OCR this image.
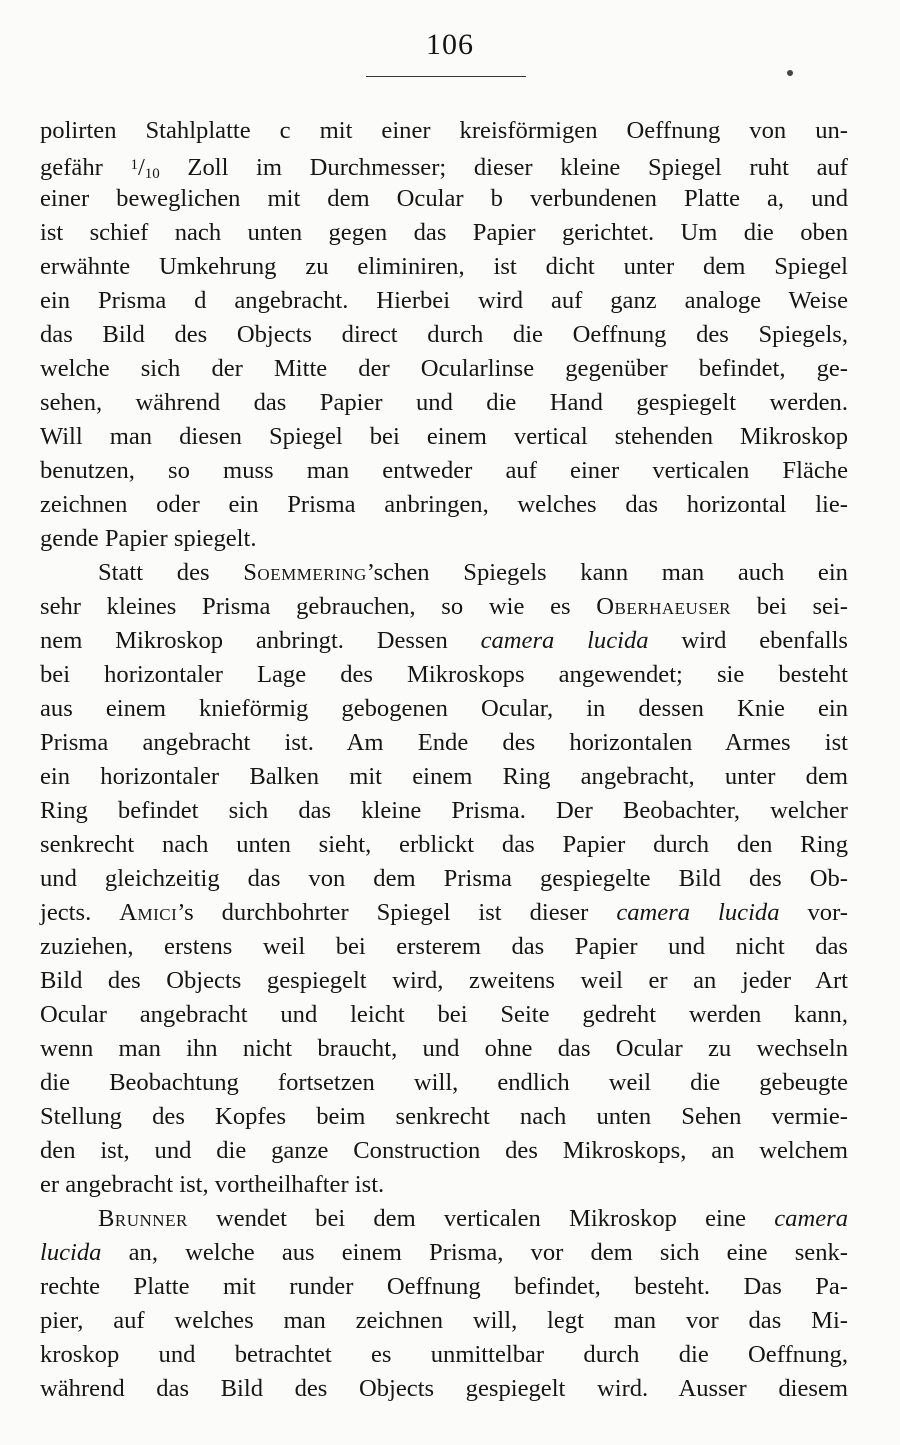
106
polirten Stahlplatte c mit einer kreisförmigen Oeffnung von un-
gefähr $^1/_{10}$ Zoll im Durchmesser; dieser kleine Spiegel ruht auf
einer beweglichen mit dem Ocular b verbundenen Platte a, und
ist schief nach unten gegen das Papier gerichtet. Um die oben
erwähnte Umkehrung zu eliminiren, ist dicht unter dem Spiegel
ein Prisma d angebracht. Hierbei wird auf ganz analoge Weise
das Bild des Objects direct durch die Oeffnung des Spiegels,
welche sich der Mitte der Ocularlinse gegenüber befindet, ge-
sehen, während das Papier und die Hand gespiegelt werden.
Will man diesen Spiegel bei einem vertical stehenden Mikroskop
benutzen, so muss man entweder auf einer verticalen Fläche
zeichnen oder ein Prisma anbringen, welches das horizontal lie-
gende Papier spiegelt.
Statt des Soemmering’schen Spiegels kann man auch ein
sehr kleines Prisma gebrauchen, so wie es Oberhaeuser bei sei-
nem Mikroskop anbringt. Dessen camera lucida wird ebenfalls
bei horizontaler Lage des Mikroskops angewendet; sie besteht
aus einem knieförmig gebogenen Ocular, in dessen Knie ein
Prisma angebracht ist. Am Ende des horizontalen Armes ist
ein horizontaler Balken mit einem Ring angebracht, unter dem
Ring befindet sich das kleine Prisma. Der Beobachter, welcher
senkrecht nach unten sieht, erblickt das Papier durch den Ring
und gleichzeitig das von dem Prisma gespiegelte Bild des Ob-
jects. Amici’s durchbohrter Spiegel ist dieser camera lucida vor-
zuziehen, erstens weil bei ersterem das Papier und nicht das
Bild des Objects gespiegelt wird, zweitens weil er an jeder Art
Ocular angebracht und leicht bei Seite gedreht werden kann,
wenn man ihn nicht braucht, und ohne das Ocular zu wechseln
die Beobachtung fortsetzen will, endlich weil die gebeugte
Stellung des Kopfes beim senkrecht nach unten Sehen vermie-
den ist, und die ganze Construction des Mikroskops, an welchem
er angebracht ist, vortheilhafter ist.
Brunner wendet bei dem verticalen Mikroskop eine camera
lucida an, welche aus einem Prisma, vor dem sich eine senk-
rechte Platte mit runder Oeffnung befindet, besteht. Das Pa-
pier, auf welches man zeichnen will, legt man vor das Mi-
kroskop und betrachtet es unmittelbar durch die Oeffnung,
während das Bild des Objects gespiegelt wird. Ausser diesem
